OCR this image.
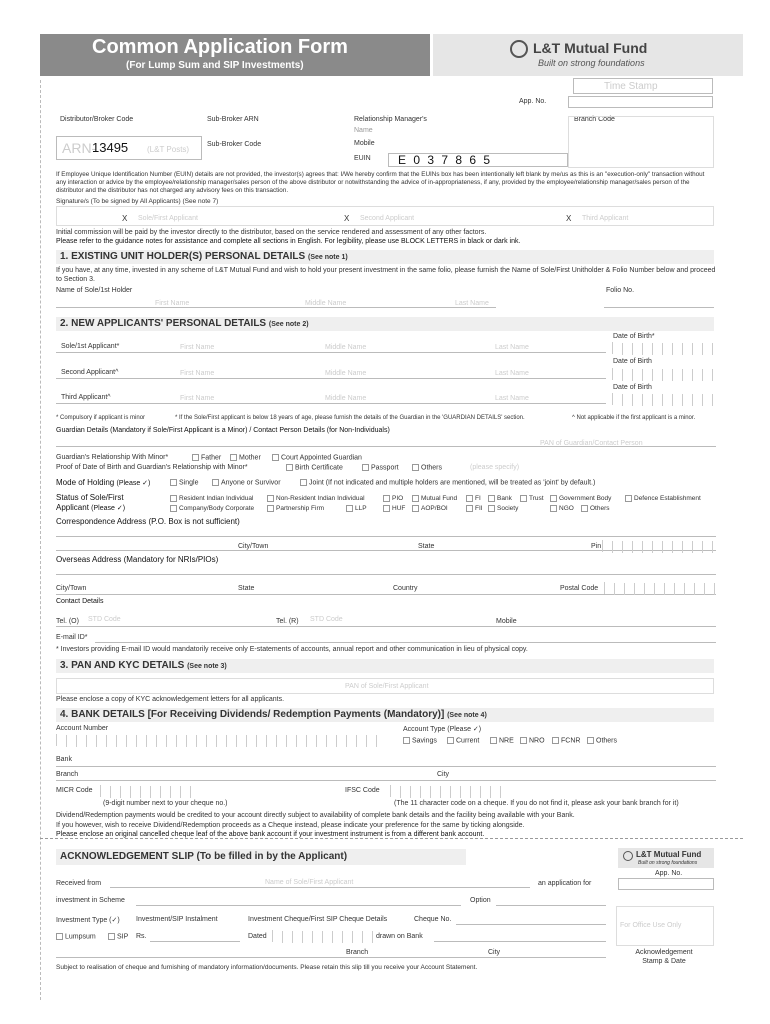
Common Application Form
(For Lump Sum and SIP Investments)
L&T Mutual Fund
Built on strong foundations
Time Stamp
App. No.
Distributor/Broker Code	Sub-Broker ARN	Relationship Manager's
Name
Branch Code
ARN-
13495 (L&T Posts)
Sub-Broker Code	Mobile
EUIN E 0 3 7 8 6 5
If Employee Unique Identification Number (EUIN) details are not provided, the investor(s) agrees that: I/We hereby confirm that the EUINs box has been intentionally left blank by me/us as this is an "execution-only" transaction without any interaction or advice by the employee/relationship manager/sales person of the above distributor or notwithstanding the advice of in-appropriateness, if any, provided by the employee/relationship manager/sales person of the distributor and the distributor has not charged any advisory fees on this transaction.
Signature/s (To be signed by All Applicants) (See note 7)
X Sole/First Applicant	X Second Applicant	X Third Applicant
Initial commission will be paid by the investor directly to the distributor, based on the service rendered and assessment of any other factors.
Please refer to the guidance notes for assistance and complete all sections in English. For legibility, please use BLOCK LETTERS in black or dark ink.
1. EXISTING UNIT HOLDER(S) PERSONAL DETAILS (See note 1)
If you have, at any time, invested in any scheme of L&T Mutual Fund and wish to hold your present investment in the same folio, please furnish the Name of Sole/First Unitholder & Folio Number below and proceed to Section 3.
Name of Sole/1st Holder	Folio No.
First Name	Middle Name	Last Name
2. NEW APPLICANTS' PERSONAL DETAILS (See note 2)
Date of Birth*
Sole/1st Applicant*	First Name	Middle Name	Last Name
Date of Birth
Second Applicant^	First Name	Middle Name	Last Name
Date of Birth
Third Applicant^	First Name	Middle Name	Last Name
* Compulsory if applicant is minor	* If the Sole/First applicant is below 18 years of age, please furnish the details of the Guardian in the 'GUARDIAN DETAILS' section.	^ Not applicable if the first applicant is a minor.
Guardian Details (Mandatory if Sole/First Applicant is a Minor) / Contact Person Details (for Non-Individuals)
PAN of Guardian/Contact Person
Guardian's Relationship With Minor*	Father	Mother	Court Appointed Guardian
Proof of Date of Birth and Guardian's Relationship with Minor*	Birth Certificate	Passport	Others	(please specify)
Mode of Holding (Please ✓)	Single	Anyone or Survivor	Joint (If not indicated and multiple holders are mentioned, will be treated as 'joint' by default.)
Status of Sole/First
Applicant (Please ✓)
Resident Indian Individual	Non-Resident Indian Individual	PIO	Mutual Fund	FI	Bank	Trust	Government Body	Defence Establishment
Company/Body Corporate	Partnership Firm	LLP	HUF	AOP/BOI	FII	Society	NGO	Others
Correspondence Address (P.O. Box is not sufficient)
City/Town	State	Pin
Overseas Address (Mandatory for NRIs/PIOs)
City/Town	State	Country	Postal Code
Contact Details
Tel. (O) STD Code	Tel. (R) STD Code	Mobile
E-mail ID*
* Investors providing E-mail ID would mandatorily receive only E-statements of accounts, annual report and other communication in lieu of physical copy.
3. PAN AND KYC DETAILS (See note 3)
PAN of Sole/First Applicant
Please enclose a copy of KYC acknowledgement letters for all applicants.
4. BANK DETAILS [For Receiving Dividends/ Redemption Payments (Mandatory)] (See note 4)
Account Number	Account Type (Please ✓)
Savings	Current	NRE	NRO	FCNR	Others
Bank
Branch	City
MICR Code	IFSC Code
(9-digit number next to your cheque no.)	(The 11 character code on a cheque. If you do not find it, please ask your bank branch for it)
Dividend/Redemption payments would be credited to your account directly subject to availability of complete bank details and the facility being available with your Bank.
If you however, wish to receive Dividend/Redemption proceeds as a Cheque instead, please indicate your preference for the same by ticking alongside.
Please enclose an original cancelled cheque leaf of the above bank account if your investment instrument is from a different bank account.
ACKNOWLEDGEMENT SLIP (To be filled in by the Applicant)	L&T Mutual Fund
Built on strong foundations
App. No.
Received from	Name of Sole/First Applicant	an application for
investment in Scheme	Option
Investment Type (✓) Investment/SIP Instalment	Investment Cheque/First SIP Cheque Details	Cheque No.
Lumpsum	SIP Rs.	Dated	drawn on Bank
For Office Use Only
Branch	City
Subject to realisation of cheque and furnishing of mandatory information/documents. Please retain this slip till you receive your Account Statement.
Acknowledgement
Stamp & Date
